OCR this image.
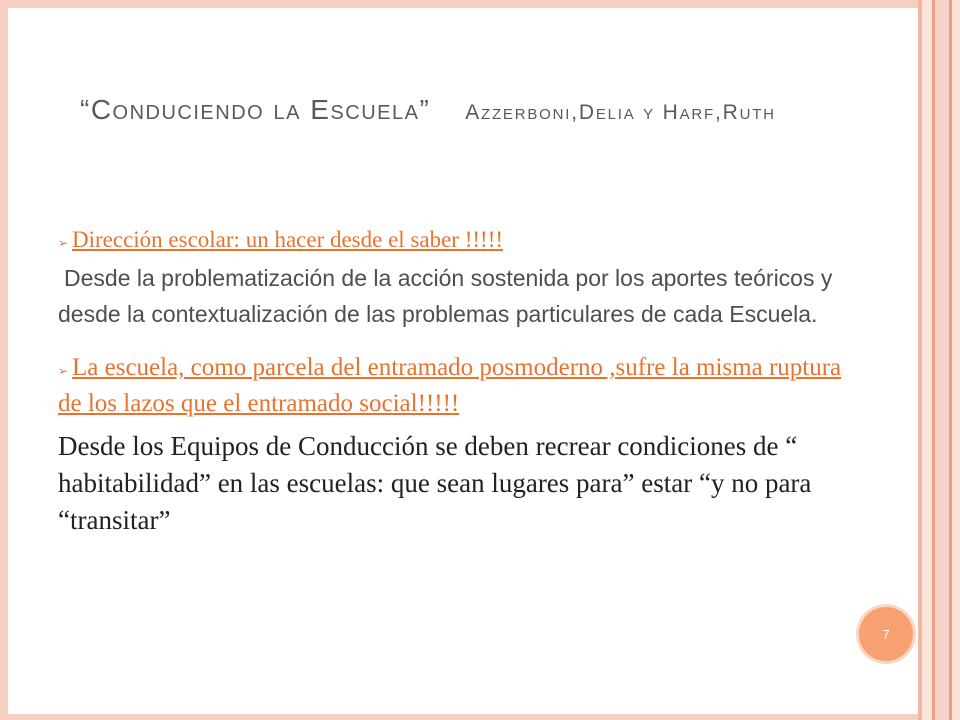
“Conduciendo la Escuela” Azzerboni,Delia y Harf,Ruth
➢ Dirección escolar: un hacer desde el saber !!!!!

Desde la problematización de la acción sostenida por los aportes teóricos y desde la contextualización de las problemas particulares de cada Escuela.

➢ La escuela, como parcela del entramado posmoderno ,sufre la misma ruptura de los lazos que el entramado social!!!!!

Desde los Equipos de Conducción se deben recrear condiciones de “ habitabilidad” en las escuelas: que sean lugares para” estar “y no para “transitar”

7
